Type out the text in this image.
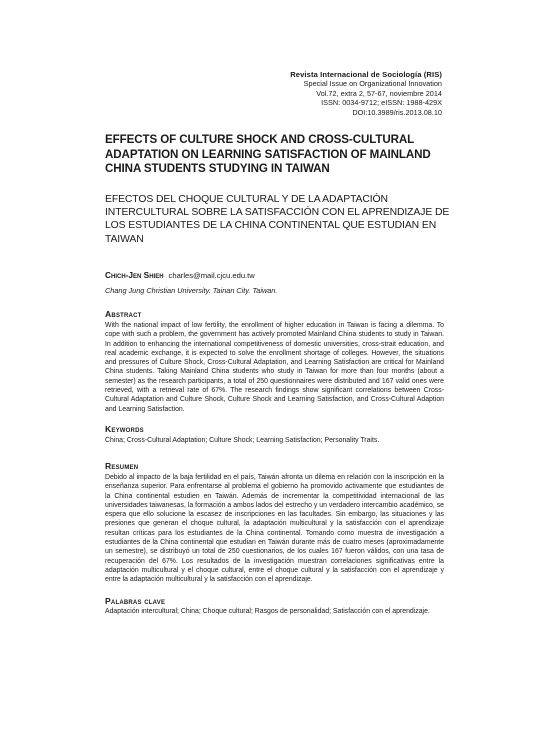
Revista Internacional de Sociología (RIS)
Special Issue on Organizational Innovation
Vol.72, extra 2, 57-67, noviembre 2014
ISSN: 0034-9712; eISSN: 1988-429X
DOI:10.3989/ris.2013.08.10
EFFECTS OF CULTURE SHOCK AND CROSS-CULTURAL ADAPTATION ON LEARNING SATISFACTION OF MAINLAND CHINA STUDENTS STUDYING IN TAIWAN
EFECTOS DEL CHOQUE CULTURAL Y DE LA ADAPTACIÓN INTERCULTURAL SOBRE LA SATISFACCIÓN CON EL APRENDIZAJE DE LOS ESTUDIANTES DE LA CHINA CONTINENTAL QUE ESTUDIAN EN TAIWAN
Chich-Jen Shieh charles@mail.cjcu.edu.tw
Chang Jung Christian University. Tainan City. Taiwan.
Abstract
With the national impact of low fertility, the enrollment of higher education in Taiwan is facing a dilemma. To cope with such a problem, the government has actively promoted Mainland China students to study in Taiwan. In addition to enhancing the international competitiveness of domestic universities, cross-strait education, and real academic exchange, it is expected to solve the enrollment shortage of colleges. However, the situations and pressures of Culture Shock, Cross-Cultural Adaptation, and Learning Satisfaction are critical for Mainland China students. Taking Mainland China students who study in Taiwan for more than four months (about a semester) as the research participants, a total of 250 questionnaires were distributed and 167 valid ones were retrieved, with a retrieval rate of 67%. The research findings show significant correlations between Cross-Cultural Adaptation and Culture Shock, Culture Shock and Learning Satisfaction, and Cross-Cultural Adaption and Learning Satisfaction.
Keywords
China; Cross-Cultural Adaptation; Culture Shock; Learning Satisfaction; Personality Traits.
Resumen
Debido al impacto de la baja fertilidad en el país, Taiwán afronta un dilema en relación con la inscripción en la enseñanza superior. Para enfrentarse al problema el gobierno ha promovido activamente que estudiantes de la China continental estudien en Taiwán. Además de incrementar la competitividad internacional de las universidades taiwanesas, la formación a ambos lados del estrecho y un verdadero intercambio académico, se espera que ello solucione la escasez de inscripciones en las facultades. Sin embargo, las situaciones y las presiones que generan el choque cultural, la adaptación multicultural y la satisfacción con el aprendizaje resultan críticas para los estudiantes de la China continental. Tomando como muestra de investigación a estudiantes de la China continental que estudian en Taiwán durante más de cuatro meses (aproximadamente un semestre), se distribuyó un total de 250 cuestionarios, de los cuales 167 fueron válidos, con una tasa de recuperación del 67%. Los resultados de la investigación muestran correlaciones significativas entre la adaptación multicultural y el choque cultural, entre el choque cultural y la satisfacción con el aprendizaje y entre la adaptación multicultural y la satisfacción con el aprendizaje.
Palabras clave
Adaptación intercultural; China; Choque cultural; Rasgos de personalidad; Satisfacción con el aprendizaje.
